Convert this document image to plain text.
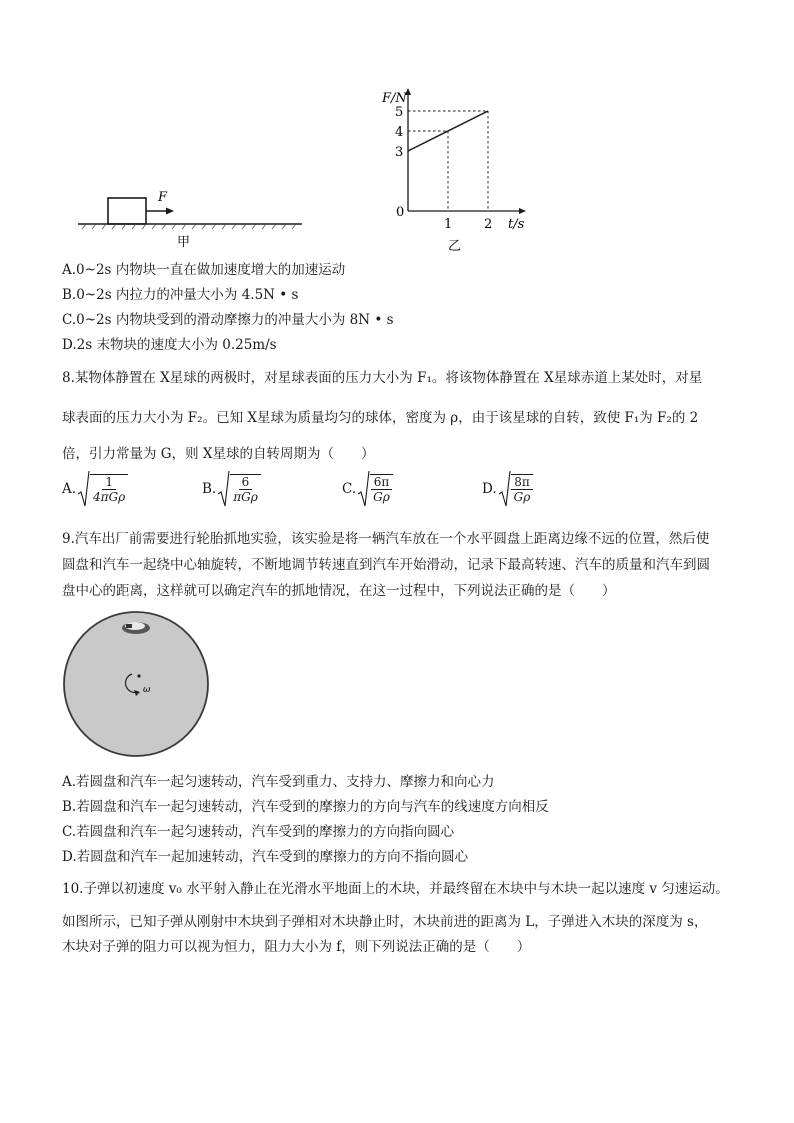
F
甲
F/N
t/s
0
乙
5
4
3
1 2
A.0~2s 内物块一直在做加速度增大的加速运动
B.0~2s 内拉力的冲量大小为 4.5N • s
C.0~2s 内物块受到的滑动摩擦力的冲量大小为 8N • s
D.2s 末物块的速度大小为 0.25m/s
8.某物体静置在 X星球的两极时，对星球表面的压力大小为 F₁。将该物体静置在 X星球赤道上某处时，对星
球表面的压力大小为 F₂。已知 X星球为质量均匀的球体，密度为 ρ，由于该星球的自转，致使 F₁为 F₂的 2
倍，引力常量为 G，则 X星球的自转周期为（　　）
A. $\frac{1}{\text{4πGρ}}$	B. $\frac{6}{\text{πGρ}}$	C. $\frac{6\pi}{G\rho}$	D. $\frac{8\pi}{G\rho}$
9.汽车出厂前需要进行轮胎抓地实验，该实验是将一辆汽车放在一个水平圆盘上距离边缘不远的位置，然后使
圆盘和汽车一起绕中心轴旋转，不断地调节转速直到汽车开始滑动，记录下最高转速、汽车的质量和汽车到圆
盘中心的距离，这样就可以确定汽车的抓地情况，在这一过程中，下列说法正确的是（　　）
ω
A.若圆盘和汽车一起匀速转动，汽车受到重力、支持力、摩擦力和向心力
B.若圆盘和汽车一起匀速转动，汽车受到的摩擦力的方向与汽车的线速度方向相反
C.若圆盘和汽车一起匀速转动，汽车受到的摩擦力的方向指向圆心
D.若圆盘和汽车一起加速转动，汽车受到的摩擦力的方向不指向圆心
10.子弹以初速度 v₀ 水平射入静止在光滑水平地面上的木块，并最终留在木块中与木块一起以速度 v 匀速运动。
如图所示，已知子弹从刚射中木块到子弹相对木块静止时，木块前进的距离为 L，子弹进入木块的深度为 s，
木块对子弹的阻力可以视为恒力，阻力大小为 f，则下列说法正确的是（　　）
